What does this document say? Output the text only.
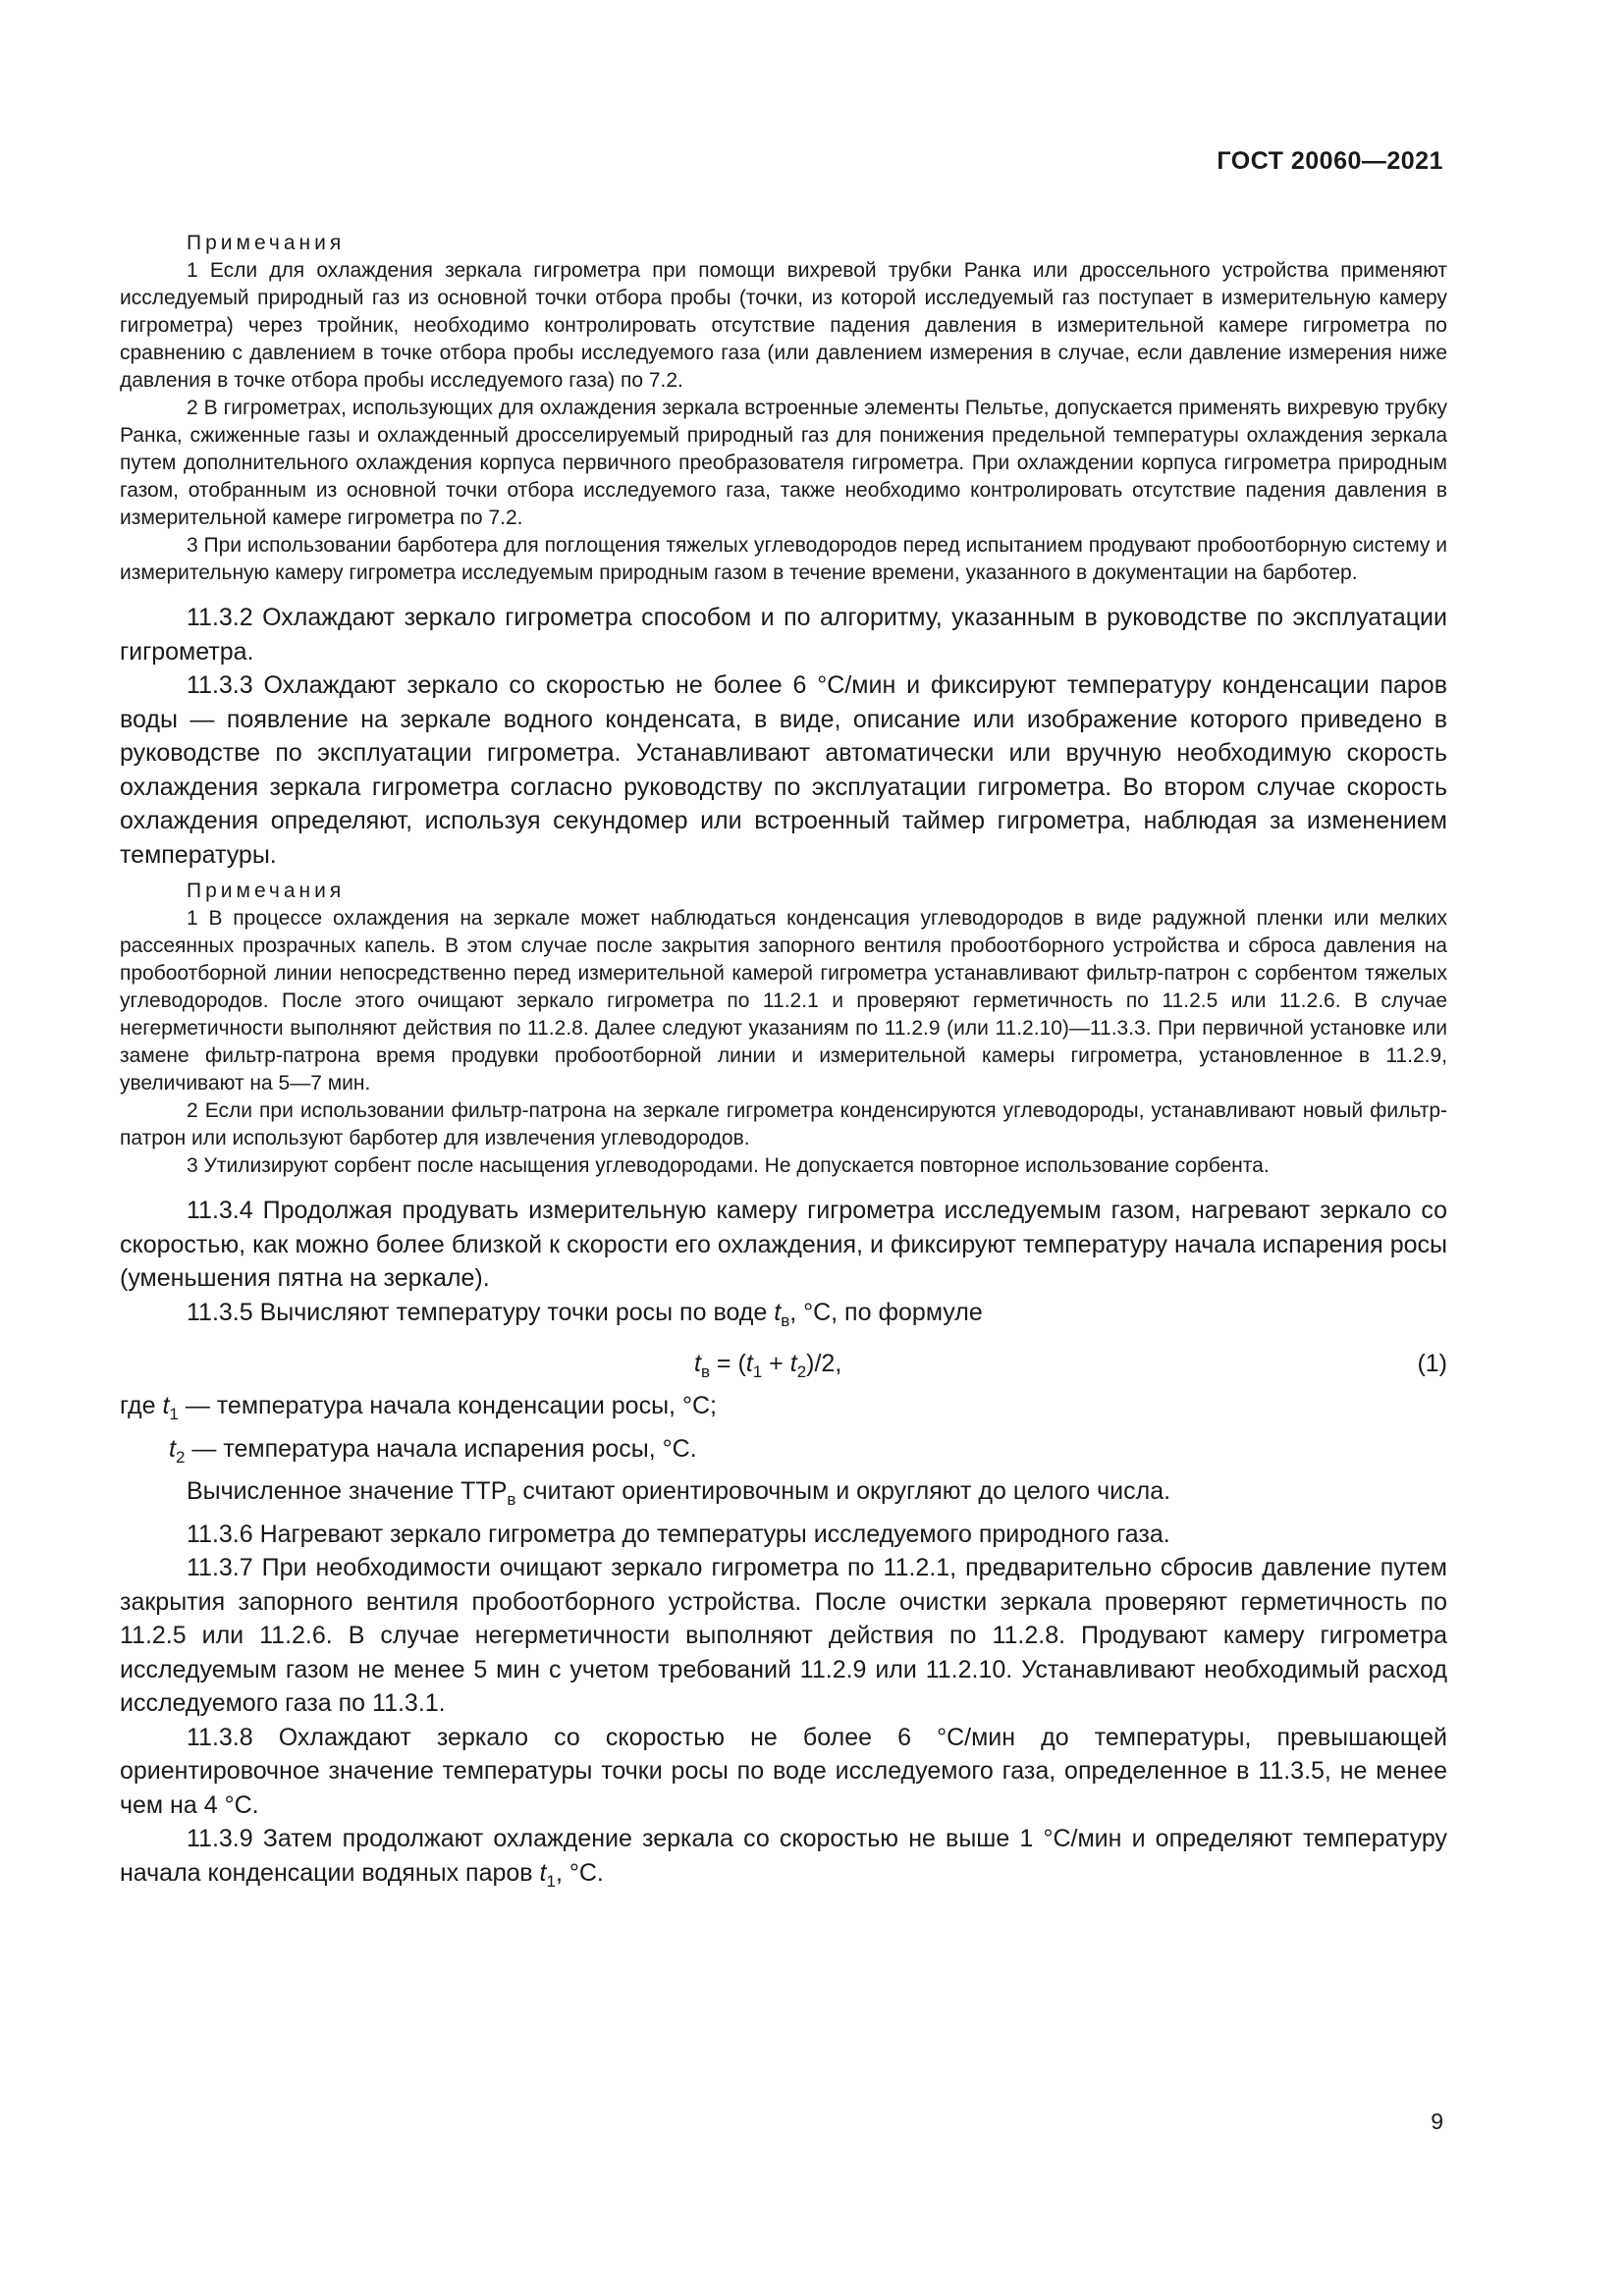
ГОСТ 20060—2021
Примечания

1 Если для охлаждения зеркала гигрометра при помощи вихревой трубки Ранка или дроссельного устройства применяют исследуемый природный газ из основной точки отбора пробы (точки, из которой исследуемый газ поступает в измерительную камеру гигрометра) через тройник, необходимо контролировать отсутствие падения давления в измерительной камере гигрометра по сравнению с давлением в точке отбора пробы исследуемого газа (или давлением измерения в случае, если давление измерения ниже давления в точке отбора пробы исследуемого газа) по 7.2.

2 В гигрометрах, использующих для охлаждения зеркала встроенные элементы Пельтье, допускается применять вихревую трубку Ранка, сжиженные газы и охлажденный дросселируемый природный газ для понижения предельной температуры охлаждения зеркала путем дополнительного охлаждения корпуса первичного преобразователя гигрометра. При охлаждении корпуса гигрометра природным газом, отобранным из основной точки отбора исследуемого газа, также необходимо контролировать отсутствие падения давления в измерительной камере гигрометра по 7.2.

3 При использовании барботера для поглощения тяжелых углеводородов перед испытанием продувают пробоотборную систему и измерительную камеру гигрометра исследуемым природным газом в течение времени, указанного в документации на барботер.

11.3.2 Охлаждают зеркало гигрометра способом и по алгоритму, указанным в руководстве по эксплуатации гигрометра.

11.3.3 Охлаждают зеркало со скоростью не более 6 °С/мин и фиксируют температуру конденсации паров воды — появление на зеркале водного конденсата, в виде, описание или изображение которого приведено в руководстве по эксплуатации гигрометра. Устанавливают автоматически или вручную необходимую скорость охлаждения зеркала гигрометра согласно руководству по эксплуатации гигрометра. Во втором случае скорость охлаждения определяют, используя секундомер или встроенный таймер гигрометра, наблюдая за изменением температуры.

Примечания

1 В процессе охлаждения на зеркале может наблюдаться конденсация углеводородов в виде радужной пленки или мелких рассеянных прозрачных капель. В этом случае после закрытия запорного вентиля пробоотборного устройства и сброса давления на пробоотборной линии непосредственно перед измерительной камерой гигрометра устанавливают фильтр-патрон с сорбентом тяжелых углеводородов. После этого очищают зеркало гигрометра по 11.2.1 и проверяют герметичность по 11.2.5 или 11.2.6. В случае негерметичности выполняют действия по 11.2.8. Далее следуют указаниям по 11.2.9 (или 11.2.10)—11.3.3. При первичной установке или замене фильтр-патрона время продувки пробоотборной линии и измерительной камеры гигрометра, установленное в 11.2.9, увеличивают на 5—7 мин.

2 Если при использовании фильтр-патрона на зеркале гигрометра конденсируются углеводороды, устанавливают новый фильтр-патрон или используют барботер для извлечения углеводородов.

3 Утилизируют сорбент после насыщения углеводородами. Не допускается повторное использование сорбента.

11.3.4 Продолжая продувать измерительную камеру гигрометра исследуемым газом, нагревают зеркало со скоростью, как можно более близкой к скорости его охлаждения, и фиксируют температуру начала испарения росы (уменьшения пятна на зеркале).

11.3.5 Вычисляют температуру точки росы по воде $t_в$, °С, по формуле

$t_в = (t_1 + t_2)/2$,	(1)

где $t_1$ — температура начала конденсации росы, °С;

$t_2$ — температура начала испарения росы, °С.

Вычисленное значение $ТТР_в$ считают ориентировочным и округляют до целого числа.

11.3.6 Нагревают зеркало гигрометра до температуры исследуемого природного газа.

11.3.7 При необходимости очищают зеркало гигрометра по 11.2.1, предварительно сбросив давление путем закрытия запорного вентиля пробоотборного устройства. После очистки зеркала проверяют герметичность по 11.2.5 или 11.2.6. В случае негерметичности выполняют действия по 11.2.8. Продувают камеру гигрометра исследуемым газом не менее 5 мин с учетом требований 11.2.9 или 11.2.10. Устанавливают необходимый расход исследуемого газа по 11.3.1.

11.3.8 Охлаждают зеркало со скоростью не более 6 °С/мин до температуры, превышающей ориентировочное значение температуры точки росы по воде исследуемого газа, определенное в 11.3.5, не менее чем на 4 °С.

11.3.9 Затем продолжают охлаждение зеркала со скоростью не выше 1 °С/мин и определяют температуру начала конденсации водяных паров $t_1$, °С.

9
